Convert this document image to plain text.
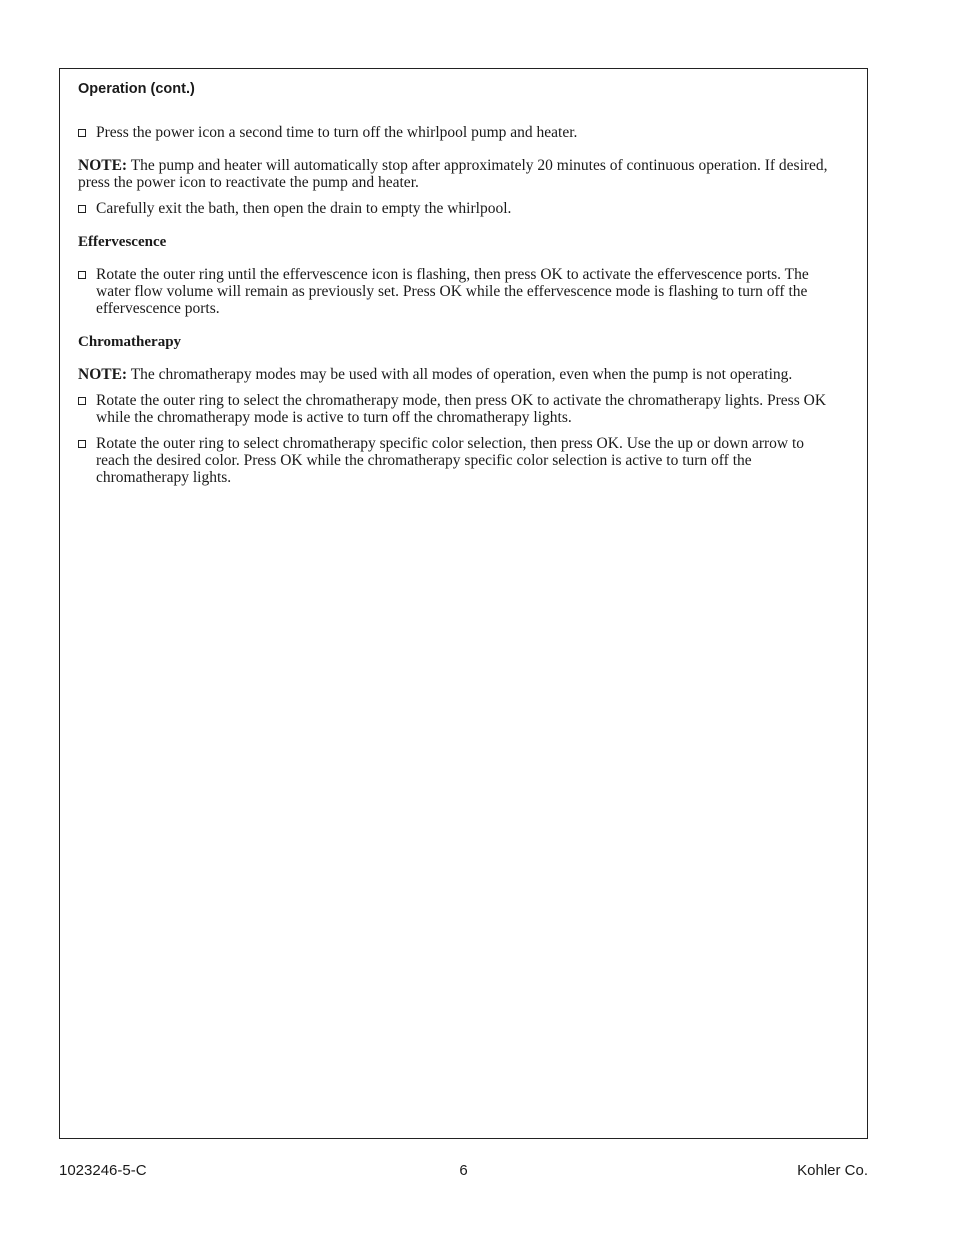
Operation (cont.)
Press the power icon a second time to turn off the whirlpool pump and heater.

NOTE: The pump and heater will automatically stop after approximately 20 minutes of continuous operation. If desired, press the power icon to reactivate the pump and heater.

Carefully exit the bath, then open the drain to empty the whirlpool.
Effervescence
Rotate the outer ring until the effervescence icon is flashing, then press OK to activate the effervescence ports. The water flow volume will remain as previously set. Press OK while the effervescence mode is flashing to turn off the effervescence ports.
Chromatherapy

NOTE: The chromatherapy modes may be used with all modes of operation, even when the pump is not operating.

Rotate the outer ring to select the chromatherapy mode, then press OK to activate the chromatherapy lights. Press OK while the chromatherapy mode is active to turn off the chromatherapy lights.
Rotate the outer ring to select chromatherapy specific color selection, then press OK. Use the up or down arrow to reach the desired color. Press OK while the chromatherapy specific color selection is active to turn off the chromatherapy lights.
1023246-5-C	6	Kohler Co.
